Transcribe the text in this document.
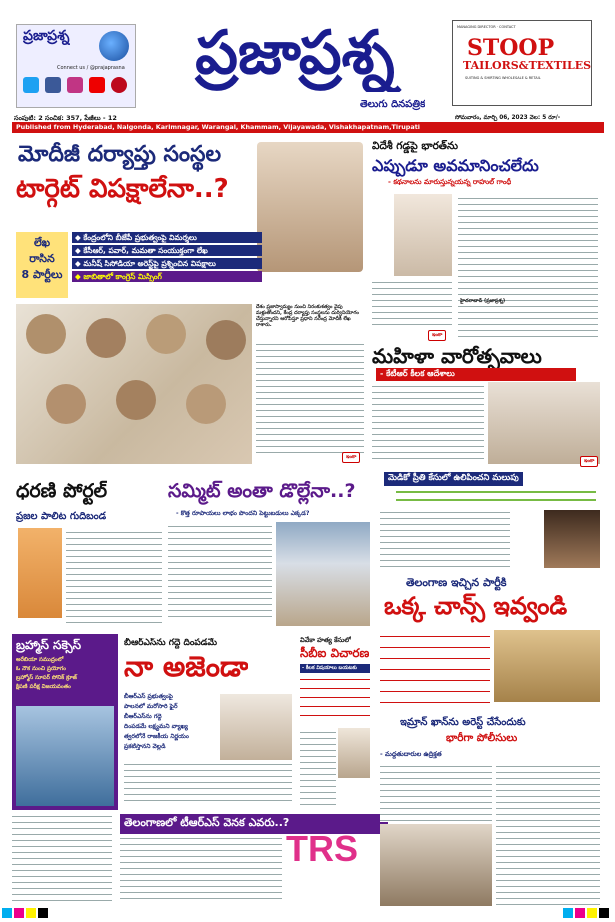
ప్రజాప్రశ్న
Connect us / @prajaprasna	ప్రజాప్రశ్న
తెలుగు దినపత్రిక
MANAGING DIRECTOR · CONTACT
STOOP
TAILORS&TEXTILES
SUITING & SHIRTING WHOLESALE & RETAIL
సంపుటి: 2 సంచిక: 357, పేజీలు - 12	సోమవారం, మార్చి 06, 2023 వెల: 5 రూ/-
Published from Hyderabad, Nalgonda, Karimnagar, Warangal, Khammam, Vijayawada, Vishakhapatnam,Tirupati
మోదీజీ దర్యాప్తు సంస్థల
టార్గెట్ విపక్షాలేనా..?
లేఖ
రాసిన
8 పార్టీలు
◆ కేంద్రంలోని బీజేపీ ప్రభుత్వంపై విమర్శలు
◆ కేసీఆర్, పవార్, మమతా సంయుక్తంగా లేఖ
◆ మనీష్ సిసోడియా అరెస్ట్‌పై ప్రశ్నించిన విపక్షాలు
◆ జాబితాలో కాంగ్రెస్ మిస్సింగ్
దేశం ప్రజాస్వామ్యం నుంచి నిరంకుశత్వం వైపు మళ్లుతోందని, కేంద్ర దర్యాప్తు సంస్థలను దుర్వినియోగం చేస్తున్నారని ఆరోపిస్తూ ప్రధాని నరేంద్ర మోదీకి లేఖ రాశారు.
ఇంకా
విదేశీ గడ్డపై భారత్‌ను
ఎప్పుడూ అవమానించలేదు
- కథనాలను మారుస్తున్నయన్న రాహుల్ గాంధీ
హైదరాబాద్ (ప్రజాప్రశ్న)
ఇంకా
మహిళా వారోత్సవాలు
- కేటీఆర్ కీలక ఆదేశాలు
ఇంకా
ధరణి పోర్టల్
ప్రజల పాలిట గుదిబండ
సమ్మిట్ అంతా డొల్లేనా..?
- కొత్త రూపాయలు లాభం పొందని పెట్టుబడులు ఎక్కడ?
మెడికో ప్రీతి కేసులో ఉలిపించని మలుపు
తెలంగాణ ఇచ్చిన పార్టీకి
ఒక్క చాన్స్ ఇవ్వండి
బ్రహ్మాస్ సక్సెస్
అరేబియా సముద్రంలో
ఓ నౌక నుంచి ప్రయోగం
బ్రహ్మోస్ సూపర్ సోనిక్ క్రూజ్
క్షిపణి పరీక్ష విజయవంతం
బీఆర్ఎస్‌ను గద్దె దింపడమే
నా అజెండా
బీఆర్ఎస్ ప్రభుత్వంపై
పాలనలో మరోసారి ఫైర్
బీఆర్ఎస్‌ను గద్దె
దింపడమే లక్ష్యమని వ్యాఖ్య
త్వరలోనే రాజకీయ నిర్ణయం
ప్రకటిస్తానని వెల్లడి
వివేకా హత్య కేసులో
సీబీఐ విచారణ
- కీలక విషయాలు బయటకు
తెలంగాణలో టీఆర్ఎస్ వెనక ఎవరు..?
TRS
ఇమ్రాన్ ఖాన్‌ను అరెస్ట్ చేసేందుకు
భారీగా పోలీసులు
- మద్దతుదారుల ఉద్రిక్తత
